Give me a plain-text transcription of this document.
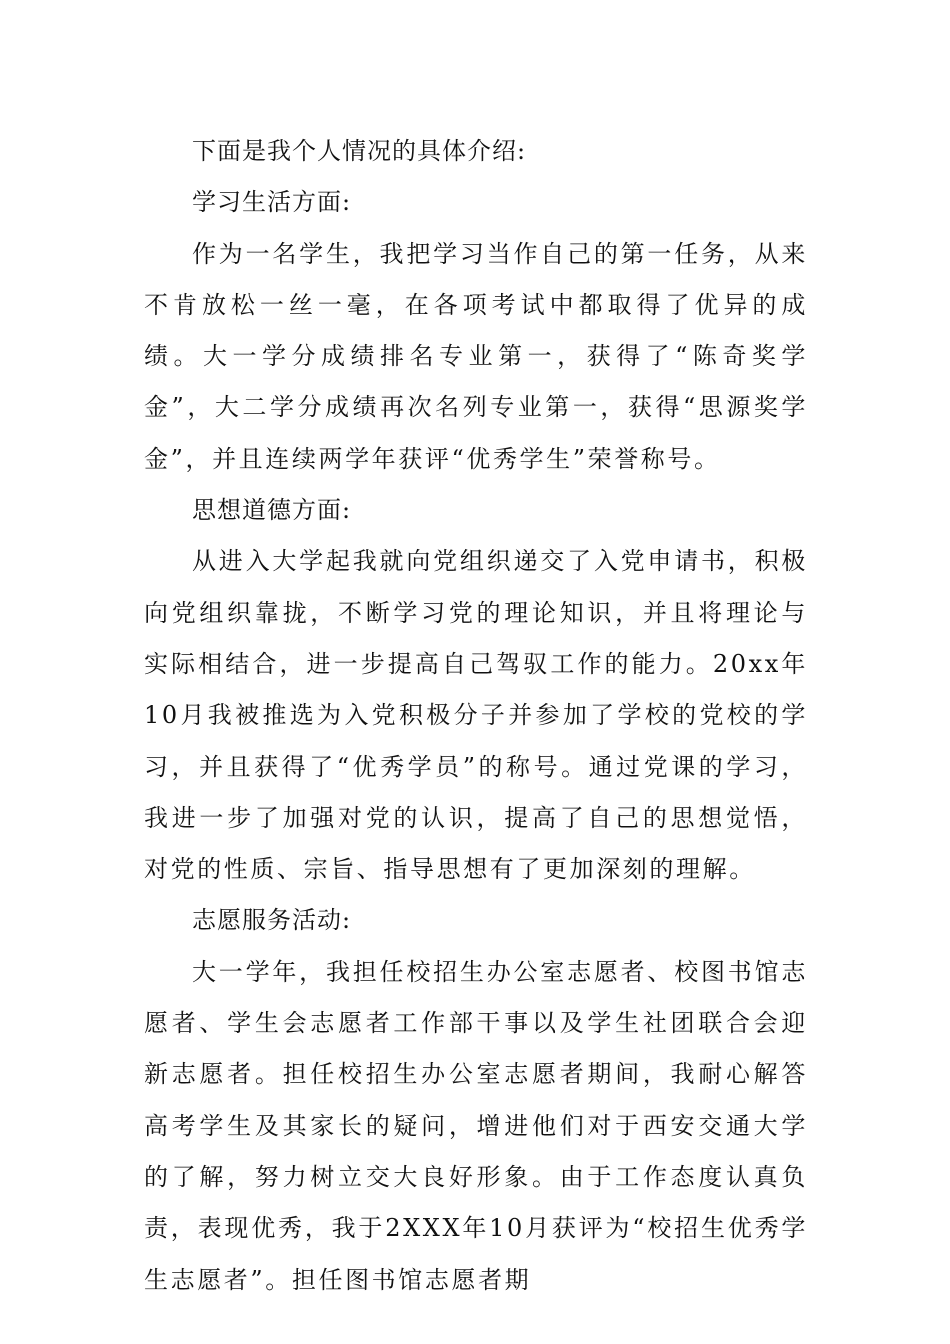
下面是我个人情况的具体介绍:

学习生活方面:

作为一名学生，我把学习当作自己的第一任务，从来不肯放松一丝一毫，在各项考试中都取得了优异的成绩。大一学分成绩排名专业第一，获得了“陈奇奖学金”，大二学分成绩再次名列专业第一，获得“思源奖学金”，并且连续两学年获评“优秀学生”荣誉称号。

思想道德方面:

从进入大学起我就向党组织递交了入党申请书，积极向党组织靠拢，不断学习党的理论知识，并且将理论与实际相结合，进一步提高自己驾驭工作的能力。20xx年10月我被推选为入党积极分子并参加了学校的党校的学习，并且获得了“优秀学员”的称号。通过党课的学习，我进一步了加强对党的认识，提高了自己的思想觉悟，对党的性质、宗旨、指导思想有了更加深刻的理解。

志愿服务活动:

大一学年，我担任校招生办公室志愿者、校图书馆志愿者、学生会志愿者工作部干事以及学生社团联合会迎新志愿者。担任校招生办公室志愿者期间，我耐心解答高考学生及其家长的疑问，增进他们对于西安交通大学的了解，努力树立交大良好形象。由于工作态度认真负责，表现优秀，我于2XXX年10月获评为“校招生优秀学生志愿者”。担任图书馆志愿者期
